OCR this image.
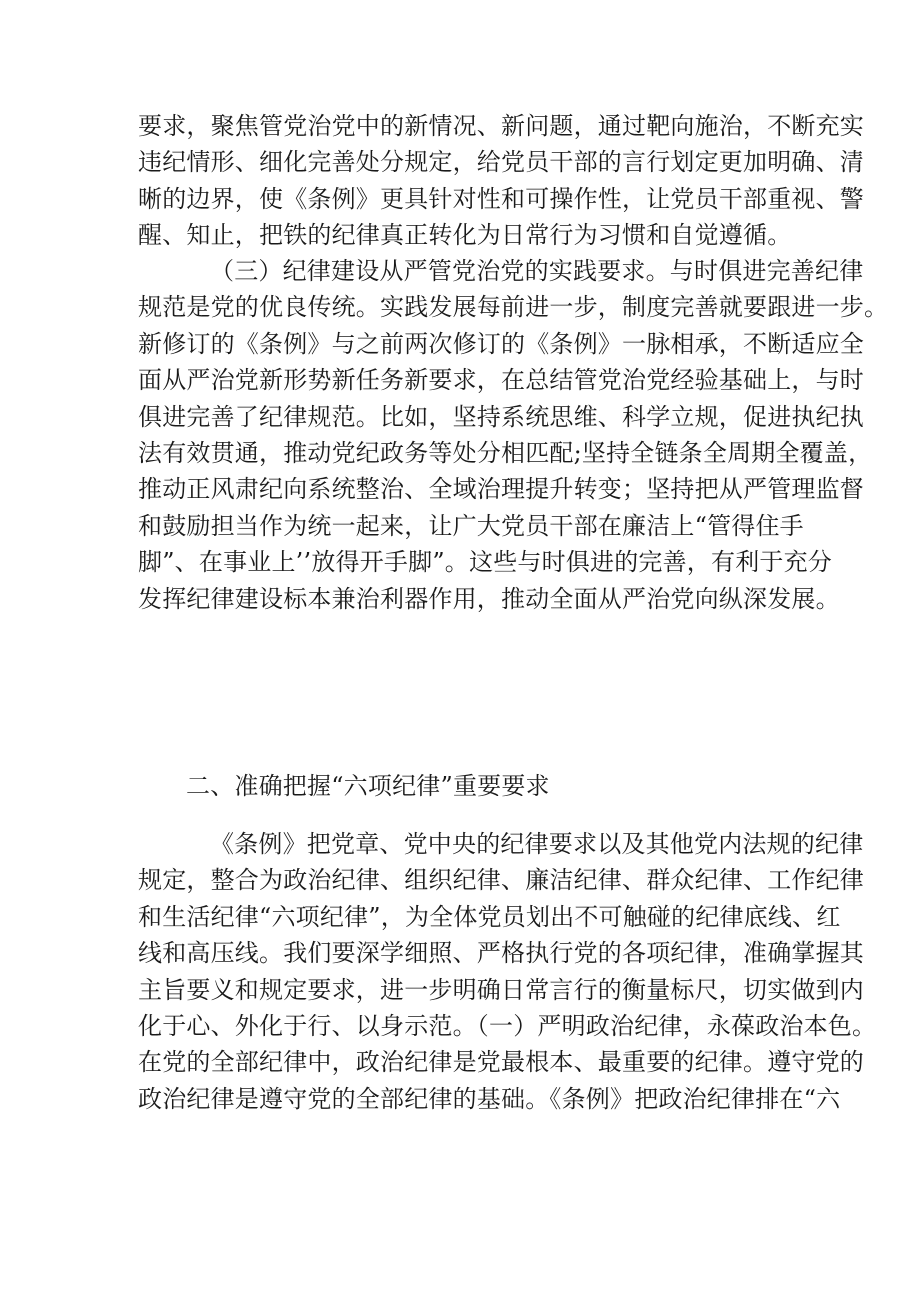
要求，聚焦管党治党中的新情况、新问题，通过靶向施治，不断充实
违纪情形、细化完善处分规定，给党员干部的言行划定更加明确、清
晰的边界，使《条例》更具针对性和可操作性，让党员干部重视、警
醒、知止，把铁的纪律真正转化为日常行为习惯和自觉遵循。
（三）纪律建设从严管党治党的实践要求。与时俱进完善纪律
规范是党的优良传统。实践发展每前进一步，制度完善就要跟进一步。
新修订的《条例》与之前两次修订的《条例》一脉相承，不断适应全
面从严治党新形势新任务新要求，在总结管党治党经验基础上，与时
俱进完善了纪律规范。比如，坚持系统思维、科学立规，促进执纪执
法有效贯通，推动党纪政务等处分相匹配;坚持全链条全周期全覆盖，
推动正风肃纪向系统整治、全域治理提升转变；坚持把从严管理监督
和鼓励担当作为统一起来，让广大党员干部在廉洁上“管得住手
脚”、在事业上’’放得开手脚”。这些与时俱进的完善，有利于充分
发挥纪律建设标本兼治利器作用，推动全面从严治党向纵深发展。
二、准确把握“六项纪律”重要要求
《条例》把党章、党中央的纪律要求以及其他党内法规的纪律
规定，整合为政治纪律、组织纪律、廉洁纪律、群众纪律、工作纪律
和生活纪律“六项纪律”，为全体党员划出不可触碰的纪律底线、红
线和高压线。我们要深学细照、严格执行党的各项纪律，准确掌握其
主旨要义和规定要求，进一步明确日常言行的衡量标尺，切实做到内
化于心、外化于行、以身示范。（一）严明政治纪律，永葆政治本色。
在党的全部纪律中，政治纪律是党最根本、最重要的纪律。遵守党的
政治纪律是遵守党的全部纪律的基础。《条例》把政治纪律排在“六
